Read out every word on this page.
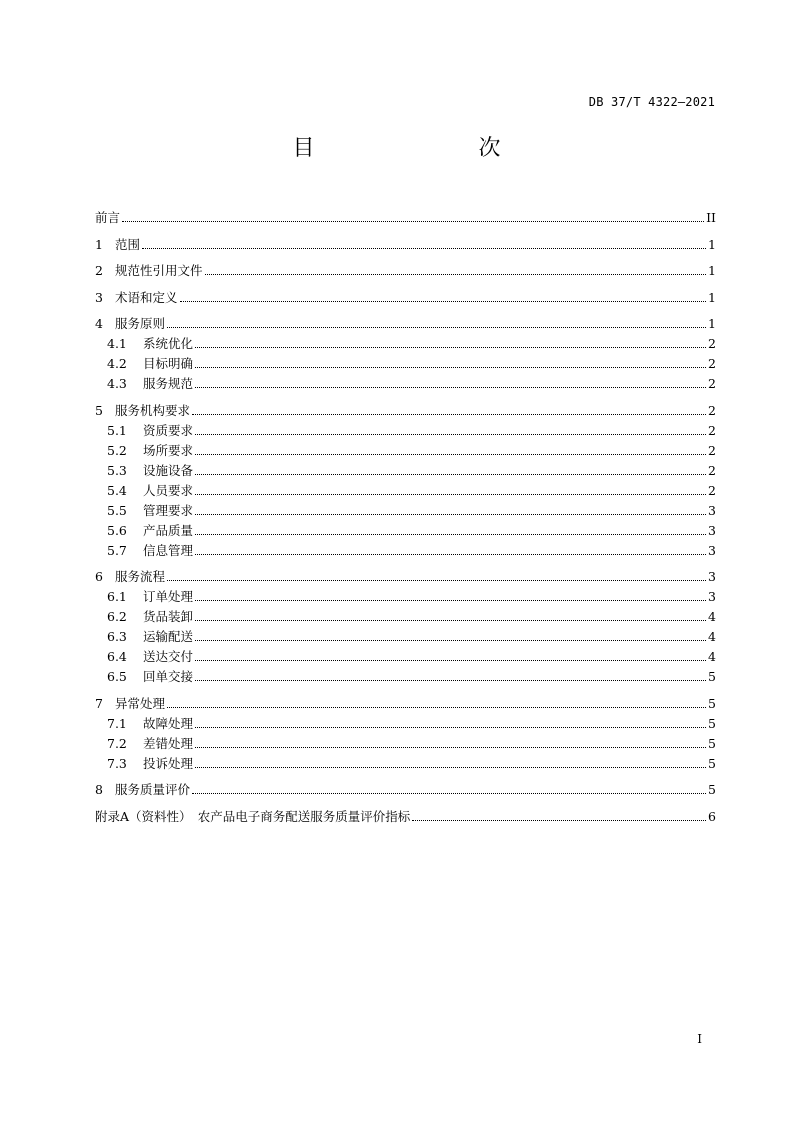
DB 37/T 4322—2021
目　　次
前言	II
1 范围	1
2 规范性引用文件	1
3 术语和定义	1
4 服务原则	1
4.1	系统优化	2
4.2	目标明确	2
4.3	服务规范	2
5 服务机构要求	2
5.1	资质要求	2
5.2	场所要求	2
5.3	设施设备	2
5.4	人员要求	2
5.5	管理要求	3
5.6	产品质量	3
5.7	信息管理	3
6 服务流程	3
6.1	订单处理	3
6.2	货品装卸	4
6.3	运输配送	4
6.4	送达交付	4
6.5	回单交接	5
7 异常处理	5
7.1	故障处理	5
7.2	差错处理	5
7.3	投诉处理	5
8 服务质量评价	5
附录A（资料性）　农产品电子商务配送服务质量评价指标	6
I
